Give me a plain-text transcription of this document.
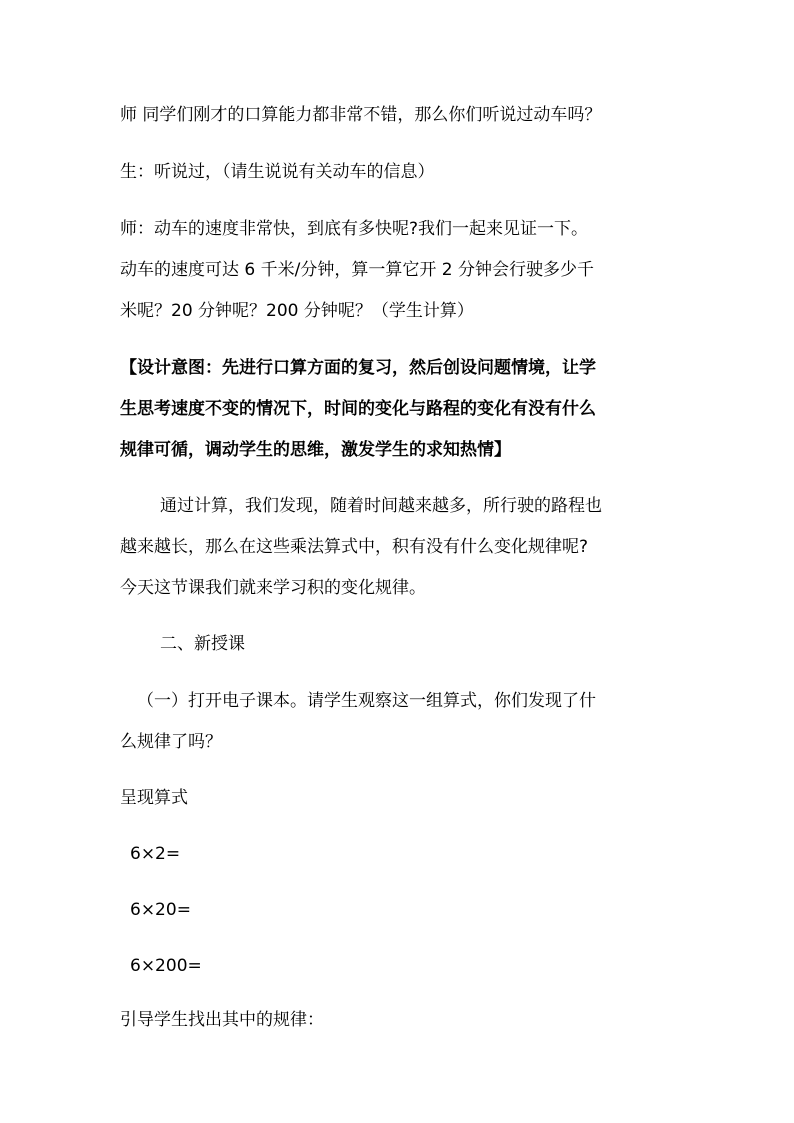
师 同学们刚才的口算能力都非常不错，那么你们听说过动车吗？
生：听说过，（请生说说有关动车的信息）
师：动车的速度非常快，到底有多快呢?我们一起来见证一下。
动车的速度可达 6 千米/分钟，算一算它开 2 分钟会行驶多少千
米呢？20 分钟呢？200 分钟呢？（学生计算）
【设计意图：先进行口算方面的复习，然后创设问题情境，让学
生思考速度不变的情况下，时间的变化与路程的变化有没有什么
规律可循，调动学生的思维，激发学生的求知热情】
通过计算，我们发现，随着时间越来越多，所行驶的路程也
越来越长，那么在这些乘法算式中，积有没有什么变化规律呢?
今天这节课我们就来学习积的变化规律。
二、新授课
（一）打开电子课本。请学生观察这一组算式，你们发现了什
么规律了吗？
呈现算式
6×2=
6×20=
6×200=
引导学生找出其中的规律：
